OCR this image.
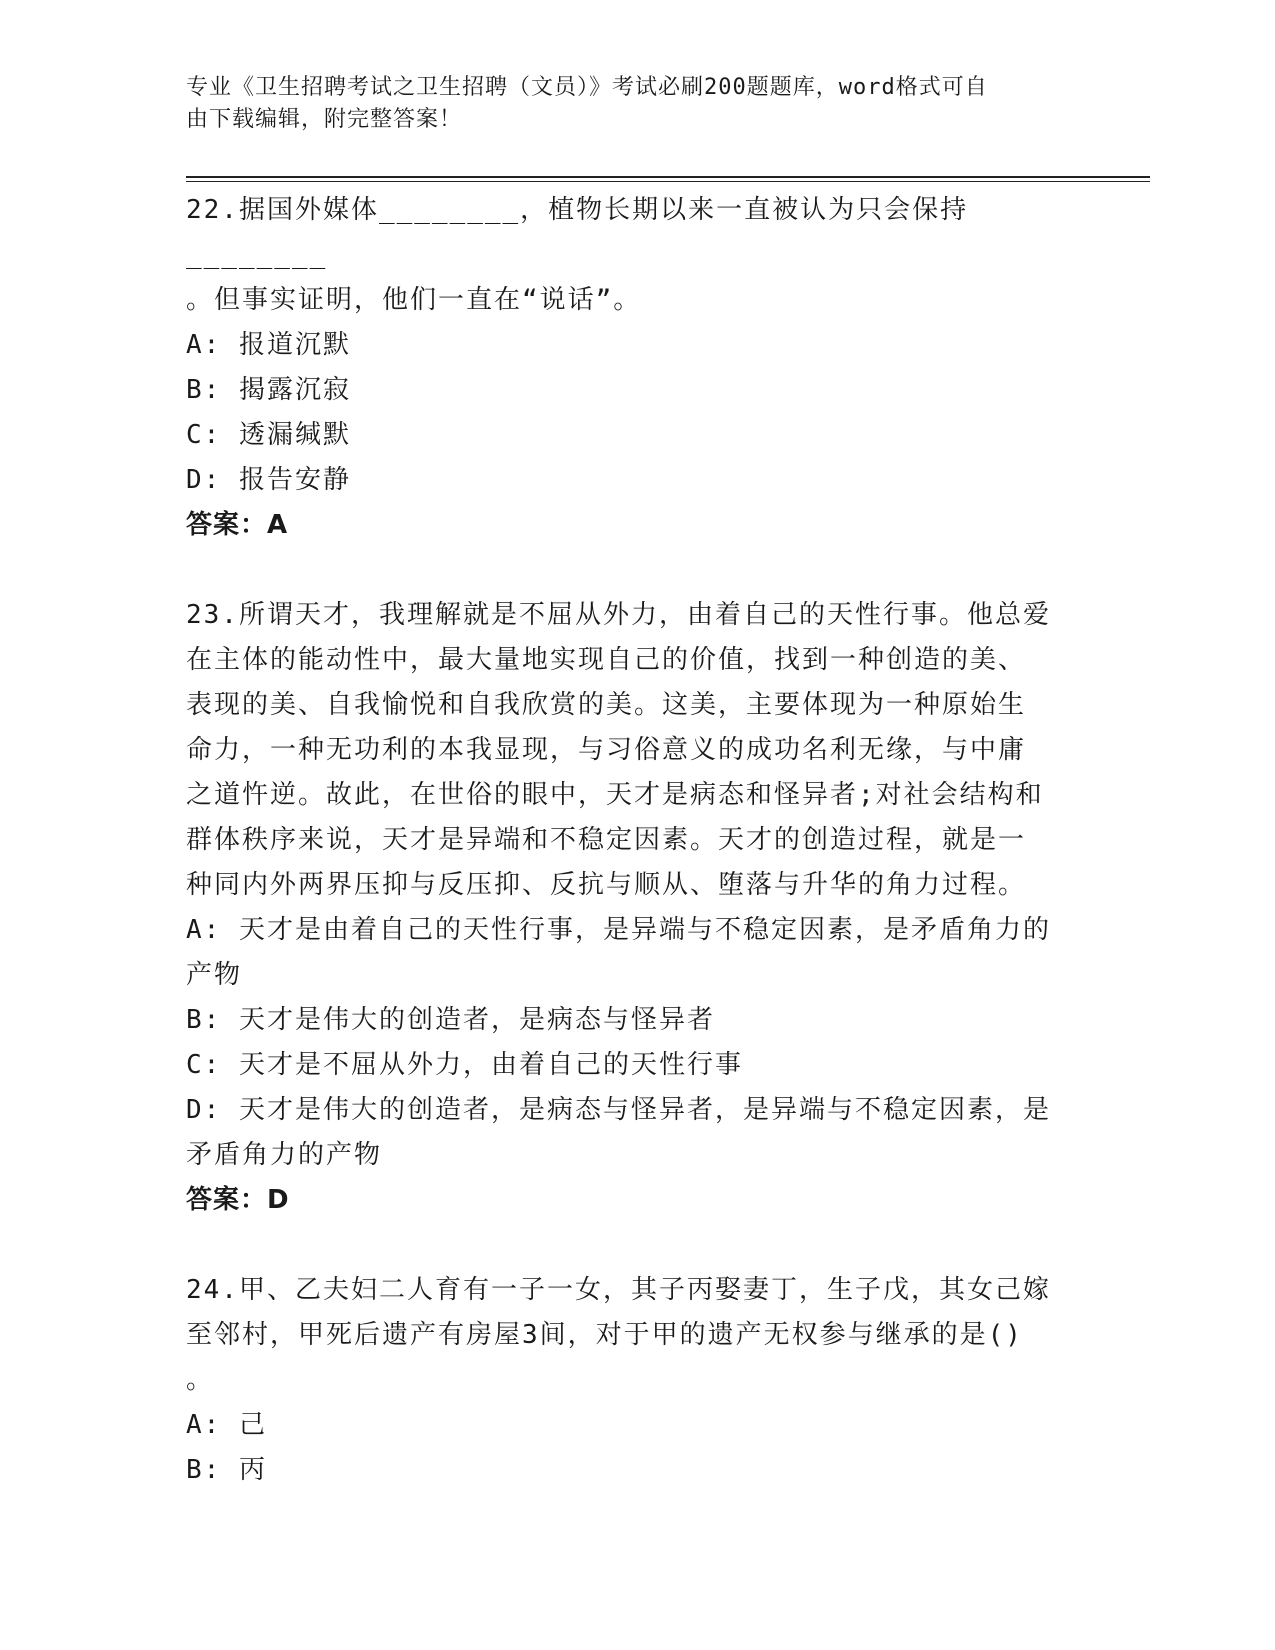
专业《卫生招聘考试之卫生招聘（文员）》考试必刷200题题库，word格式可自
由下载编辑，附完整答案！
22.据国外媒体________，植物长期以来一直被认为只会保持________
。但事实证明，他们一直在“说话”。
A: 报道沉默
B: 揭露沉寂
C: 透漏缄默
D: 报告安静
答案：A
23.所谓天才，我理解就是不屈从外力，由着自己的天性行事。他总爱
在主体的能动性中，最大量地实现自己的价值，找到一种创造的美、
表现的美、自我愉悦和自我欣赏的美。这美，主要体现为一种原始生
命力，一种无功利的本我显现，与习俗意义的成功名利无缘，与中庸
之道忤逆。故此，在世俗的眼中，天才是病态和怪异者;对社会结构和
群体秩序来说，天才是异端和不稳定因素。天才的创造过程，就是一
种同内外两界压抑与反压抑、反抗与顺从、堕落与升华的角力过程。
A: 天才是由着自己的天性行事，是异端与不稳定因素，是矛盾角力的
产物
B: 天才是伟大的创造者，是病态与怪异者
C: 天才是不屈从外力，由着自己的天性行事
D: 天才是伟大的创造者，是病态与怪异者，是异端与不稳定因素，是
矛盾角力的产物
答案：D
24.甲、乙夫妇二人育有一子一女，其子丙娶妻丁，生子戊，其女己嫁
至邻村，甲死后遗产有房屋3间，对于甲的遗产无权参与继承的是()
。
A: 己
B: 丙
